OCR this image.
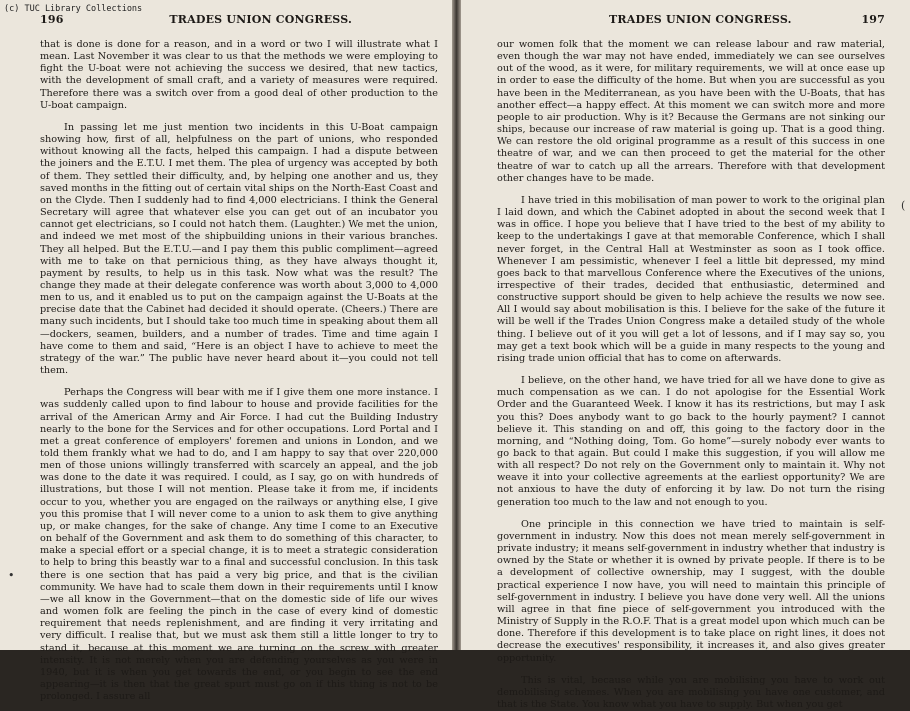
196	TRADES UNION CONGRESS.

that is done is done for a reason, and in a word or two I will illustrate what I mean. Last November it was clear to us that the methods we were employing to fight the U-boat were not achieving the success we desired, that new tactics, with the development of small craft, and a variety of measures were required. Therefore there was a switch over from a good deal of other production to the U-boat campaign.

In passing let me just mention two incidents in this U-Boat campaign showing how, first of all, helpfulness on the part of unions, who responded without knowing all the facts, helped this campaign. I had a dispute between the joiners and the E.T.U. I met them. The plea of urgency was accepted by both of them. They settled their difficulty, and, by helping one another and us, they saved months in the fitting out of certain vital ships on the North-East Coast and on the Clyde. Then I suddenly had to find 4,000 electricians. I think the General Secretary will agree that whatever else you can get out of an incubator you cannot get electricians, so I could not hatch them. (Laughter.) We met the union, and indeed we met most of the shipbuilding unions in their various branches. They all helped. But the E.T.U.—and I pay them this public compliment—agreed with me to take on that pernicious thing, as they have always thought it, payment by results, to help us in this task. Now what was the result? The change they made at their delegate conference was worth about 3,000 to 4,000 men to us, and it enabled us to put on the campaign against the U-Boats at the precise date that the Cabinet had decided it should operate. (Cheers.) There are many such incidents, but I should take too much time in speaking about them all—dockers, seamen, builders, and a number of trades. Time and time again I have come to them and said, “Here is an object I have to achieve to meet the strategy of the war.” The public have never heard about it—you could not tell them.

Perhaps the Congress will bear with me if I give them one more instance. I was suddenly called upon to find labour to house and provide facilities for the arrival of the American Army and Air Force. I had cut the Building Industry nearly to the bone for the Services and for other occupations. Lord Portal and I met a great conference of employers' foremen and unions in London, and we told them frankly what we had to do, and I am happy to say that over 220,000 men of those unions willingly transferred with scarcely an appeal, and the job was done to the date it was required. I could, as I say, go on with hundreds of illustrations, but those I will not mention. Please take it from me, if incidents occur to you, whether you are engaged on the railways or anything else, I give you this promise that I will never come to a union to ask them to give anything up, or make changes, for the sake of change. Any time I come to an Executive on behalf of the Government and ask them to do something of this character, to make a special effort or a special change, it is to meet a strategic consideration to help to bring this beastly war to a final and successful conclusion. In this task there is one section that has paid a very big price, and that is the civilian community. We have had to scale them down in their requirements until I know—we all know in the Government—that on the domestic side of life our wives and women folk are feeling the pinch in the case of every kind of domestic requirement that needs replenishment, and are finding it very irritating and very difficult. I realise that, but we must ask them still a little longer to try to stand it, because at this moment we are turning on the screw with greater intensity. It is not merely when you are defending yourselves as you were in 1940, but it is when you get towards the end, or you begin to see the end appearing—it is then that the great spurt must go on if this thing is not to be prolonged. I assure all

•
TRADES UNION CONGRESS.	197

our women folk that the moment we can release labour and raw material, even though the war may not have ended, immediately we can see ourselves out of the wood, as it were, for military requirements, we will at once ease up in order to ease the difficulty of the home. But when you are successful as you have been in the Mediterranean, as you have been with the U-Boats, that has another effect—a happy effect. At this moment we can switch more and more people to air production. Why is it? Because the Germans are not sinking our ships, because our increase of raw material is going up. That is a good thing. We can restore the old original programme as a result of this success in one theatre of war, and we can then proceed to get the material for the other theatre of war to catch up all the arrears. Therefore with that development other changes have to be made.

I have tried in this mobilisation of man power to work to the original plan I laid down, and which the Cabinet adopted in about the second week that I was in office. I hope you believe that I have tried to the best of my ability to keep to the undertakings I gave at that memorable Conference, which I shall never forget, in the Central Hall at Westminster as soon as I took office. Whenever I am pessimistic, whenever I feel a little bit depressed, my mind goes back to that marvellous Conference where the Executives of the unions, irrespective of their trades, decided that enthusiastic, determined and constructive support should be given to help achieve the results we now see. All I would say about mobilisation is this. I believe for the sake of the future it will be well if the Trades Union Congress make a detailed study of the whole thing. I believe out of it you will get a lot of lessons, and if I may say so, you may get a text book which will be a guide in many respects to the young and rising trade union official that has to come on afterwards.

I believe, on the other hand, we have tried for all we have done to give as much compensation as we can. I do not apologise for the Essential Work Order and the Guaranteed Week. I know it has its restrictions, but may I ask you this? Does anybody want to go back to the hourly payment? I cannot believe it. This standing on and off, this going to the factory door in the morning, and “Nothing doing, Tom. Go home”—surely nobody ever wants to go back to that again. But could I make this suggestion, if you will allow me with all respect? Do not rely on the Government only to maintain it. Why not weave it into your collective agreements at the earliest opportunity? We are not anxious to have the duty of enforcing it by law. Do not turn the rising generation too much to the law and not enough to you.

One principle in this connection we have tried to maintain is self-government in industry. Now this does not mean merely self-government in private industry; it means self-government in industry whether that industry is owned by the State or whether it is owned by private people. If there is to be a development of collective ownership, may I suggest, with the double practical experience I now have, you will need to maintain this principle of self-government in industry. I believe you have done very well. All the unions will agree in that fine piece of self-government you introduced with the Ministry of Supply in the R.O.F. That is a great model upon which much can be done. Therefore if this development is to take place on right lines, it does not decrease the executives' responsibility, it increases it, and also gives greater opportunity.

This is vital, because while you are mobilising you have to work out demobilising schemes. When you are mobilising you have one customer, and that is the State. You know what you have to supply. But when you get

(
(c) TUC Library Collections
